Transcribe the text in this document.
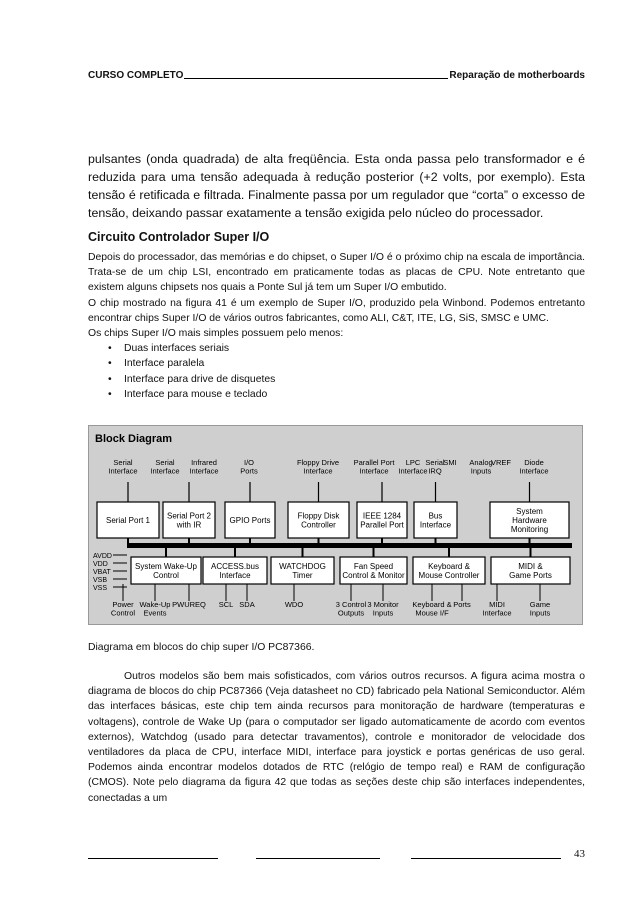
CURSO COMPLETO	Reparação de motherboards

pulsantes (onda quadrada) de alta freqüência. Esta onda passa pelo transformador e é reduzida para uma tensão adequada à redução posterior (+2 volts, por exemplo). Esta tensão é retificada e filtrada. Finalmente passa por um regulador que “corta” o excesso de tensão, deixando passar exatamente a tensão exigida pelo núcleo do processador.

Circuito Controlador Super I/O

Depois do processador, das memórias e do chipset, o Super I/O é o próximo chip na escala de importância. Trata-se de um chip LSI, encontrado em praticamente todas as placas de CPU. Note entretanto que existem alguns chipsets nos quais a Ponte Sul já tem um Super I/O embutido.

O chip mostrado na figura 41 é um exemplo de Super I/O, produzido pela Winbond. Podemos entretanto encontrar chips Super I/O de vários outros fabricantes, como ALI, C&T, ITE, LG, SiS, SMSC e UMC.

Os chips Super I/O mais simples possuem pelo menos:

• Duas interfaces seriais
• Interface paralela
• Interface para drive de disquetes
• Interface para mouse e teclado
Block Diagram
Serial Interface
Serial Interface
Infrared Interface
I/O Ports
Floppy Drive Interface
Parallel Port Interface
LPC Interface
Serial IRQ
SMI Analog Inputs
VREF	Diode Interface
Serial Port 1 Serial Port 2 with IR	GPIO Ports	Floppy Disk Controller
IEEE 1284 Parallel Port
Bus Interface
System Hardware Monitoring
AVDD
VDD
VBAT
VSB
VSS
System Wake-Up Control
ACCESS.bus Interface
WATCHDOG Timer
Fan Speed Control & Monitor
Keyboard & Mouse Controller
MIDI & Game Ports
Power Control
Wake-Up Events
PWUREQ SCL SDA	WDO	3 Control Outputs
3 Monitor Inputs
Keyboard & Mouse I/F
Ports	MIDI Interface
Game Inputs
Diagrama em blocos do chip super I/O PC87366.

Outros modelos são bem mais sofisticados, com vários outros recursos. A figura acima mostra o diagrama de blocos do chip PC87366 (Veja datasheet no CD) fabricado pela National Semiconductor. Além das interfaces básicas, este chip tem ainda recursos para monitoração de hardware (temperaturas e voltagens), controle de Wake Up (para o computador ser ligado automaticamente de acordo com eventos externos), Watchdog (usado para detectar travamentos), controle e monitorador de velocidade dos ventiladores da placa de CPU, interface MIDI, interface para joystick e portas genéricas de uso geral. Podemos ainda encontrar modelos dotados de RTC (relógio de tempo real) e RAM de configuração (CMOS). Note pelo diagrama da figura 42 que todas as seções deste chip são interfaces independentes, conectadas a um

43
